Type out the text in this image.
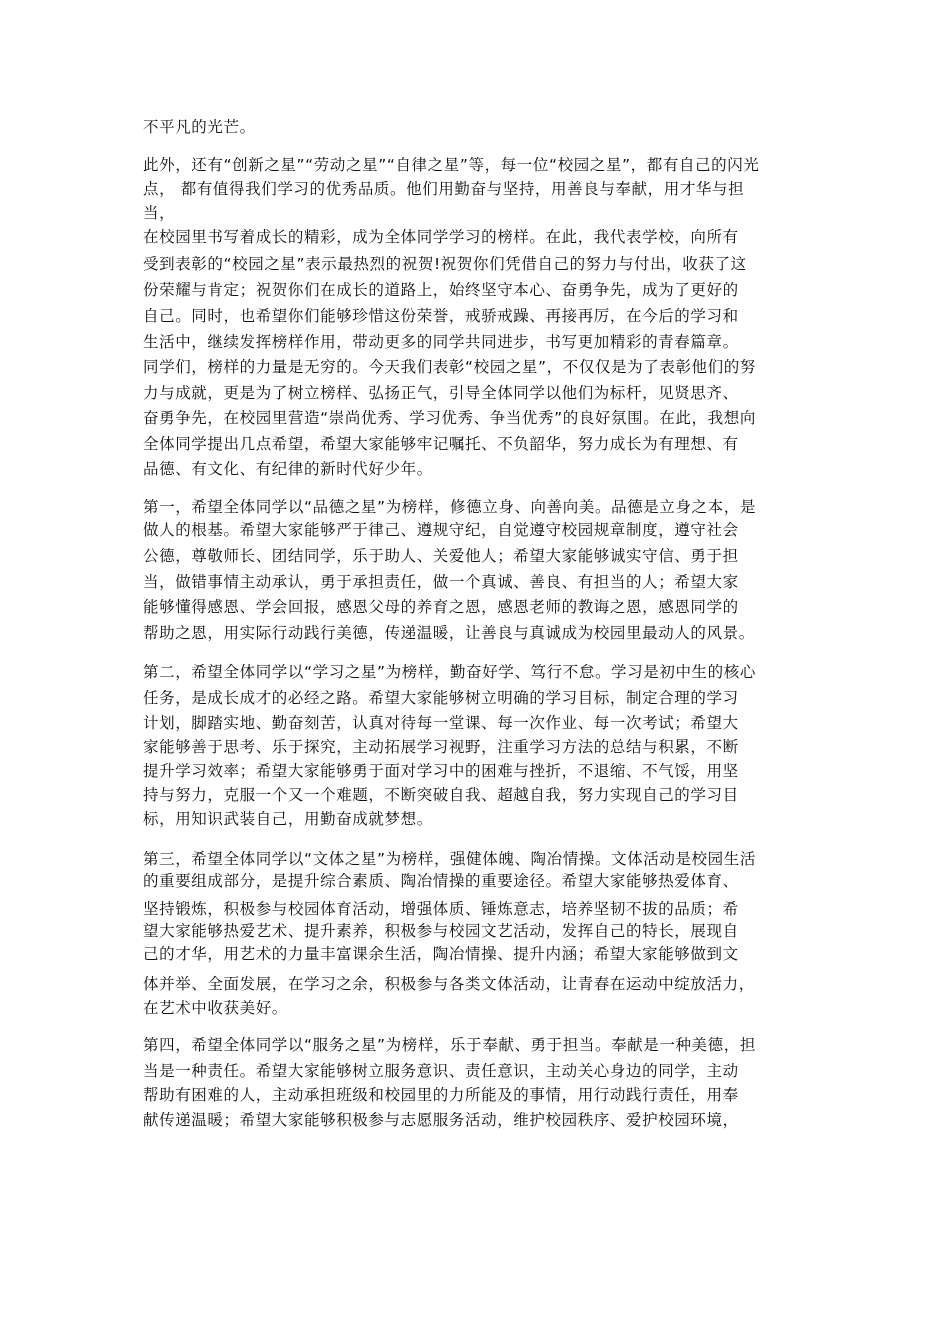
不平凡的光芒。
此外，还有“创新之星”“劳动之星”“自律之星”等，每一位“校园之星”，都有自己的闪光
点， 都有值得我们学习的优秀品质。他们用勤奋与坚持，用善良与奉献，用才华与担
当，
在校园里书写着成长的精彩，成为全体同学学习的榜样。在此，我代表学校，向所有
受到表彰的“校园之星”表示最热烈的祝贺!祝贺你们凭借自己的努力与付出，收获了这
份荣耀与肯定；祝贺你们在成长的道路上，始终坚守本心、奋勇争先，成为了更好的
自己。同时，也希望你们能够珍惜这份荣誉，戒骄戒躁、再接再厉，在今后的学习和
生活中，继续发挥榜样作用，带动更多的同学共同进步，书写更加精彩的青春篇章。
同学们，榜样的力量是无穷的。今天我们表彰“校园之星”，不仅仅是为了表彰他们的努
力与成就，更是为了树立榜样、弘扬正气，引导全体同学以他们为标杆，见贤思齐、
奋勇争先，在校园里营造“崇尚优秀、学习优秀、争当优秀”的良好氛围。在此，我想向
全体同学提出几点希望，希望大家能够牢记嘱托、不负韶华，努力成长为有理想、有
品德、有文化、有纪律的新时代好少年。
第一，希望全体同学以“品德之星”为榜样，修德立身、向善向美。品德是立身之本，是
做人的根基。希望大家能够严于律己、遵规守纪，自觉遵守校园规章制度，遵守社会
公德，尊敬师长、团结同学，乐于助人、关爱他人；希望大家能够诚实守信、勇于担
当，做错事情主动承认，勇于承担责任，做一个真诚、善良、有担当的人；希望大家
能够懂得感恩、学会回报，感恩父母的养育之恩，感恩老师的教诲之恩，感恩同学的
帮助之恩，用实际行动践行美德，传递温暖，让善良与真诚成为校园里最动人的风景。
第二，希望全体同学以“学习之星”为榜样，勤奋好学、笃行不怠。学习是初中生的核心
任务，是成长成才的必经之路。希望大家能够树立明确的学习目标，制定合理的学习
计划，脚踏实地、勤奋刻苦，认真对待每一堂课、每一次作业、每一次考试；希望大
家能够善于思考、乐于探究，主动拓展学习视野，注重学习方法的总结与积累，不断
提升学习效率；希望大家能够勇于面对学习中的困难与挫折，不退缩、不气馁，用坚
持与努力，克服一个又一个难题，不断突破自我、超越自我，努力实现自己的学习目
标，用知识武装自己，用勤奋成就梦想。
第三，希望全体同学以“文体之星”为榜样，强健体魄、陶冶情操。文体活动是校园生活
的重要组成部分，是提升综合素质、陶冶情操的重要途径。希望大家能够热爱体育、
坚持锻炼，积极参与校园体育活动，增强体质、锤炼意志，培养坚韧不拔的品质；希
望大家能够热爱艺术、提升素养，积极参与校园文艺活动，发挥自己的特长，展现自
己的才华，用艺术的力量丰富课余生活，陶冶情操、提升内涵；希望大家能够做到文
体并举、全面发展，在学习之余，积极参与各类文体活动，让青春在运动中绽放活力，
在艺术中收获美好。
第四，希望全体同学以“服务之星”为榜样，乐于奉献、勇于担当。奉献是一种美德，担
当是一种责任。希望大家能够树立服务意识、责任意识，主动关心身边的同学，主动
帮助有困难的人，主动承担班级和校园里的力所能及的事情，用行动践行责任，用奉
献传递温暖；希望大家能够积极参与志愿服务活动，维护校园秩序、爱护校园环境，
